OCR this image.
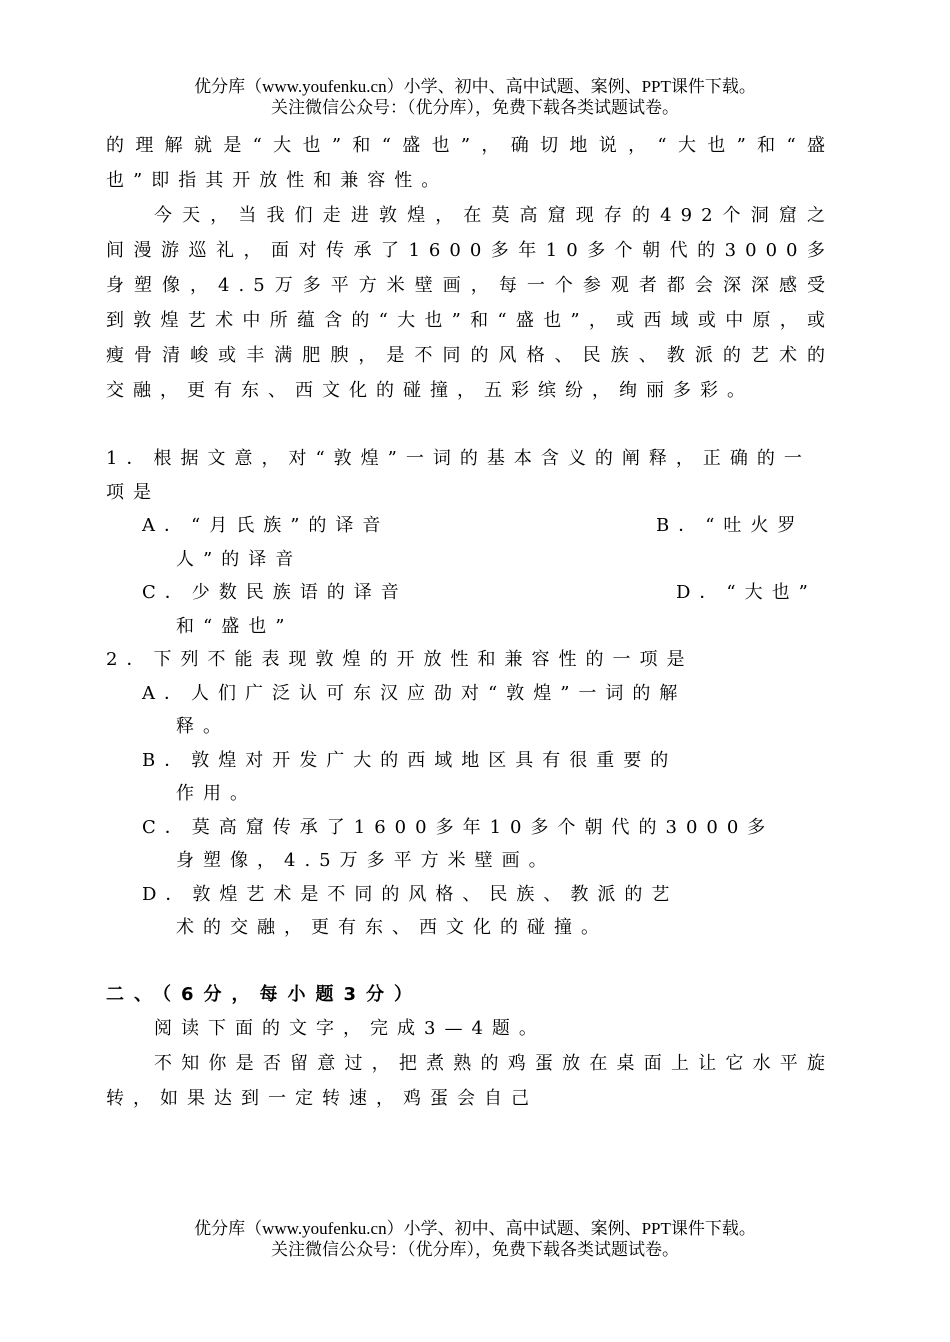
优分库（www.youfenku.cn）小学、初中、高中试题、案例、PPT课件下载。
关注微信公众号：（优分库），免费下载各类试题试卷。

的理解就是“大也”和“盛也”，确切地说，“大也”和“盛也”即指其开放性和兼容性。

今天，当我们走进敦煌，在莫高窟现存的492个洞窟之间漫游巡礼，面对传承了1600多年10多个朝代的3000多身塑像，4.5万多平方米壁画，每一个参观者都会深深感受到敦煌艺术中所蕴含的“大也”和“盛也”，或西域或中原，或瘦骨清峻或丰满肥腴，是不同的风格、民族、教派的艺术的交融，更有东、西文化的碰撞，五彩缤纷，绚丽多彩。

1．根据文意，对“敦煌”一词的基本含义的阐释，正确的一项是

A．“月氏族”的译音
人”的译音
B．“吐火罗
C．少数民族语的译音
和“盛也”
D．“大也”

2．下列不能表现敦煌的开放性和兼容性的一项是

A．人们广泛认可东汉应劭对“敦煌”一词的解
释。
B．敦煌对开发广大的西域地区具有很重要的
作用。
C．莫高窟传承了1600多年10多个朝代的3000多
身塑像，4.5万多平方米壁画。
D．敦煌艺术是不同的风格、民族、教派的艺
术的交融，更有东、西文化的碰撞。

二、（6分，每小题3分）

阅读下面的文字，完成3—4题。

不知你是否留意过，把煮熟的鸡蛋放在桌面上让它水平旋转，如果达到一定转速，鸡蛋会自己

优分库（www.youfenku.cn）小学、初中、高中试题、案例、PPT课件下载。
关注微信公众号：（优分库），免费下载各类试题试卷。
